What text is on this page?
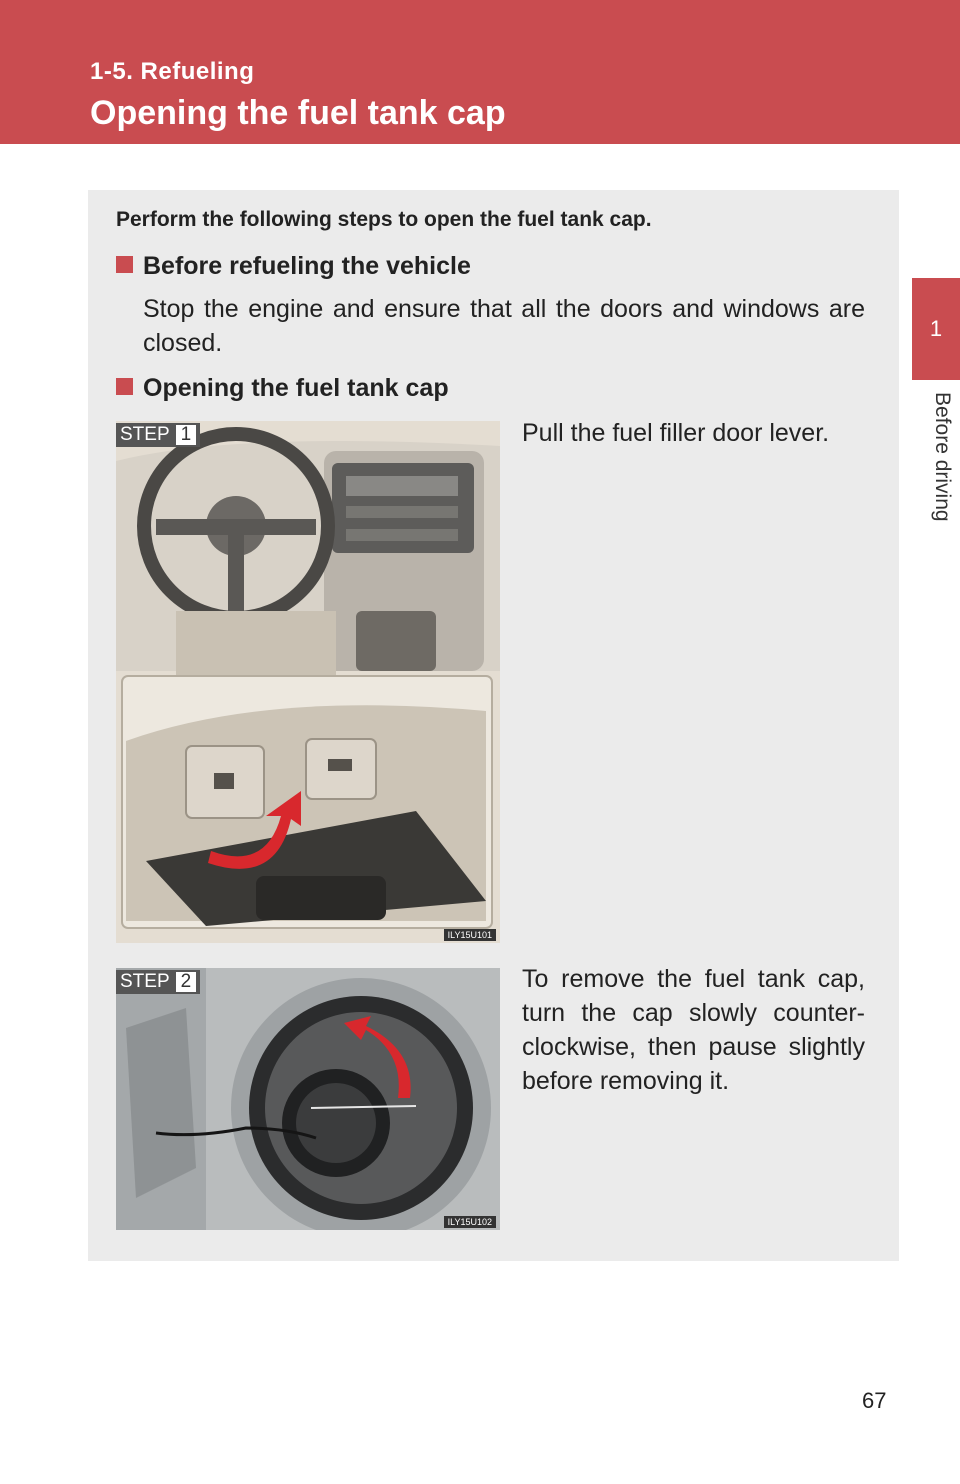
1-5. Refueling
Opening the fuel tank cap
1
Before driving
Perform the following steps to open the fuel tank cap.
Before refueling the vehicle
Stop the engine and ensure that all the doors and windows are closed.
Opening the fuel tank cap
STEP 1
ILY15U101
Pull the fuel filler door lever.
STEP 2
ILY15U102
To remove the fuel tank cap, turn the cap slowly counter-clockwise, then pause slightly before removing it.
67
